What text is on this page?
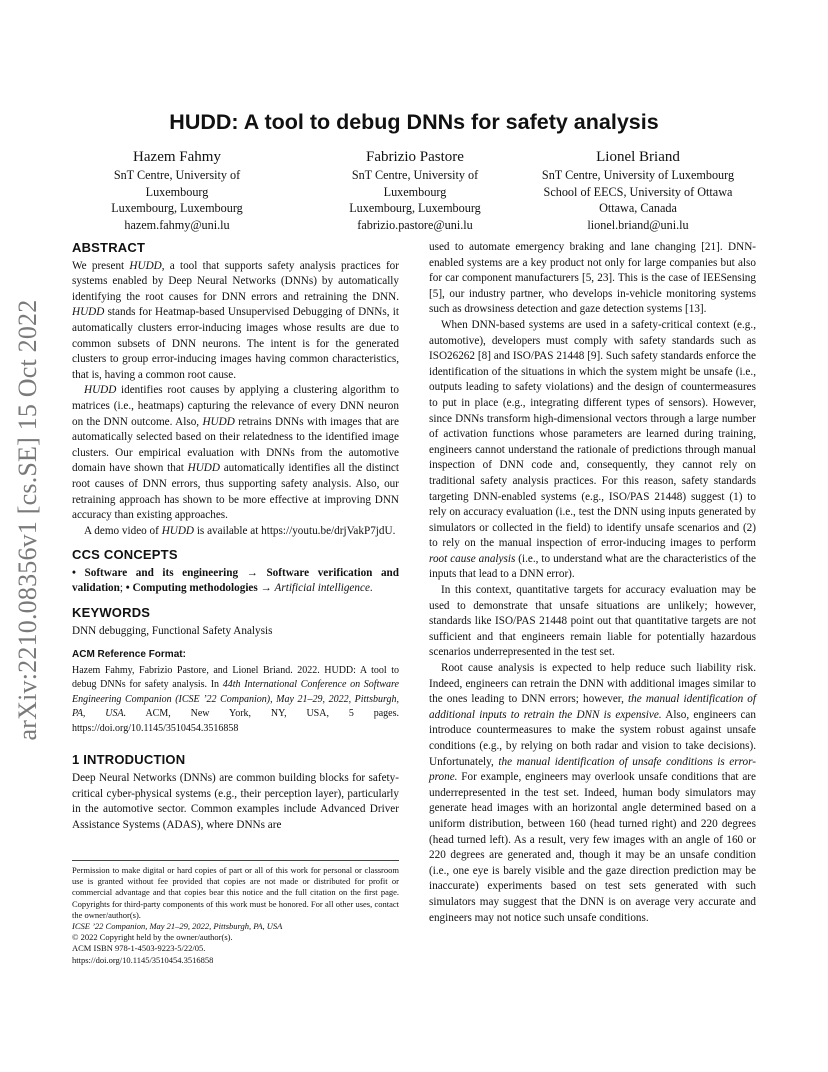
arXiv:2210.08356v1 [cs.SE] 15 Oct 2022
HUDD: A tool to debug DNNs for safety analysis
Hazem Fahmy
SnT Centre, University of
Luxembourg
Luxembourg, Luxembourg
hazem.fahmy@uni.lu
Fabrizio Pastore
SnT Centre, University of
Luxembourg
Luxembourg, Luxembourg
fabrizio.pastore@uni.lu
Lionel Briand
SnT Centre, University of Luxembourg
School of EECS, University of Ottawa
Ottawa, Canada
lionel.briand@uni.lu
ABSTRACT

We present HUDD, a tool that supports safety analysis practices for systems enabled by Deep Neural Networks (DNNs) by automatically identifying the root causes for DNN errors and retraining the DNN. HUDD stands for Heatmap-based Unsupervised Debugging of DNNs, it automatically clusters error-inducing images whose results are due to common subsets of DNN neurons. The intent is for the generated clusters to group error-inducing images having common characteristics, that is, having a common root cause.

HUDD identifies root causes by applying a clustering algorithm to matrices (i.e., heatmaps) capturing the relevance of every DNN neuron on the DNN outcome. Also, HUDD retrains DNNs with images that are automatically selected based on their relatedness to the identified image clusters. Our empirical evaluation with DNNs from the automotive domain have shown that HUDD automatically identifies all the distinct root causes of DNN errors, thus supporting safety analysis. Also, our retraining approach has shown to be more effective at improving DNN accuracy than existing approaches.

A demo video of HUDD is available at https://youtu.be/drjVakP7jdU.

CCS CONCEPTS

• Software and its engineering → Software verification and validation; • Computing methodologies → Artificial intelligence.

KEYWORDS

DNN debugging, Functional Safety Analysis

ACM Reference Format:

Hazem Fahmy, Fabrizio Pastore, and Lionel Briand. 2022. HUDD: A tool to debug DNNs for safety analysis. In 44th International Conference on Software Engineering Companion (ICSE ’22 Companion), May 21–29, 2022, Pittsburgh, PA, USA. ACM, New York, NY, USA, 5 pages. https://doi.org/10.1145/3510454.3516858

1 INTRODUCTION

Deep Neural Networks (DNNs) are common building blocks for safety-critical cyber-physical systems (e.g., their perception layer), particularly in the automotive sector. Common examples include Advanced Driver Assistance Systems (ADAS), where DNNs are

Permission to make digital or hard copies of part or all of this work for personal or classroom use is granted without fee provided that copies are not made or distributed for profit or commercial advantage and that copies bear this notice and the full citation on the first page. Copyrights for third-party components of this work must be honored. For all other uses, contact the owner/author(s).
ICSE ’22 Companion, May 21–29, 2022, Pittsburgh, PA, USA
© 2022 Copyright held by the owner/author(s).
ACM ISBN 978-1-4503-9223-5/22/05.
https://doi.org/10.1145/3510454.3516858

used to automate emergency braking and lane changing [21]. DNN-enabled systems are a key product not only for large companies but also for car component manufacturers [5, 23]. This is the case of IEESensing [5], our industry partner, who develops in-vehicle monitoring systems such as drowsiness detection and gaze detection systems [13].

When DNN-based systems are used in a safety-critical context (e.g., automotive), developers must comply with safety standards such as ISO26262 [8] and ISO/PAS 21448 [9]. Such safety standards enforce the identification of the situations in which the system might be unsafe (i.e., outputs leading to safety violations) and the design of countermeasures to put in place (e.g., integrating different types of sensors). However, since DNNs transform high-dimensional vectors through a large number of activation functions whose parameters are learned during training, engineers cannot understand the rationale of predictions through manual inspection of DNN code and, consequently, they cannot rely on traditional safety analysis practices. For this reason, safety standards targeting DNN-enabled systems (e.g., ISO/PAS 21448) suggest (1) to rely on accuracy evaluation (i.e., test the DNN using inputs generated by simulators or collected in the field) to identify unsafe scenarios and (2) to rely on the manual inspection of error-inducing images to perform root cause analysis (i.e., to understand what are the characteristics of the inputs that lead to a DNN error).

In this context, quantitative targets for accuracy evaluation may be used to demonstrate that unsafe situations are unlikely; however, standards like ISO/PAS 21448 point out that quantitative targets are not sufficient and that engineers remain liable for potentially hazardous scenarios underrepresented in the test set.

Root cause analysis is expected to help reduce such liability risk. Indeed, engineers can retrain the DNN with additional images similar to the ones leading to DNN errors; however, the manual identification of additional inputs to retrain the DNN is expensive. Also, engineers can introduce countermeasures to make the system robust against unsafe conditions (e.g., by relying on both radar and vision to take decisions). Unfortunately, the manual identification of unsafe conditions is error-prone. For example, engineers may overlook unsafe conditions that are underrepresented in the test set. Indeed, human body simulators may generate head images with an horizontal angle determined based on a uniform distribution, between 160 (head turned right) and 220 degrees (head turned left). As a result, very few images with an angle of 160 or 220 degrees are generated and, though it may be an unsafe condition (i.e., one eye is barely visible and the gaze direction prediction may be inaccurate) experiments based on test sets generated with such simulators may suggest that the DNN is on average very accurate and engineers may not notice such unsafe conditions.
